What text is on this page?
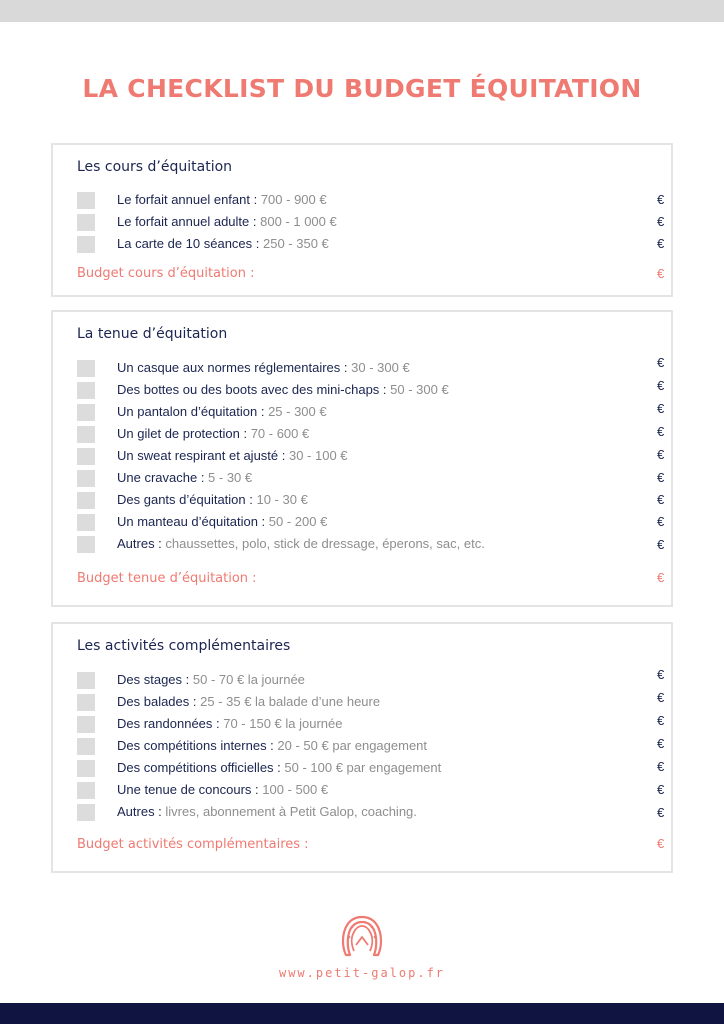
LA CHECKLIST DU BUDGET ÉQUITATION
Les cours d’équitation
Le forfait annuel enfant : 700 - 900 €	€
Le forfait annuel adulte : 800 - 1 000 €	€
La carte de 10 séances : 250 - 350 €	€
Budget cours d’équitation :	€
La tenue d’équitation
Un casque aux normes réglementaires : 30 - 300 €	€
Des bottes ou des boots avec des mini-chaps : 50 - 300 €	€
Un pantalon d’équitation : 25 - 300 €	€
Un gilet de protection : 70 - 600 €	€
Un sweat respirant et ajusté : 30 - 100 €	€
Une cravache : 5 - 30 €	€
Des gants d’équitation : 10 - 30 €	€
Un manteau d’équitation : 50 - 200 €	€
Autres : chaussettes, polo, stick de dressage, éperons, sac, etc.	€
Budget tenue d’équitation :	€
Les activités complémentaires
Des stages : 50 - 70 € la journée	€
Des balades : 25 - 35 € la balade d’une heure	€
Des randonnées : 70 - 150 € la journée	€
Des compétitions internes : 20 - 50 € par engagement	€
Des compétitions officielles : 50 - 100 € par engagement	€
Une tenue de concours : 100 - 500 €	€
Autres : livres, abonnement à Petit Galop, coaching.	€
Budget activités complémentaires :	€
www.petit-galop.fr
